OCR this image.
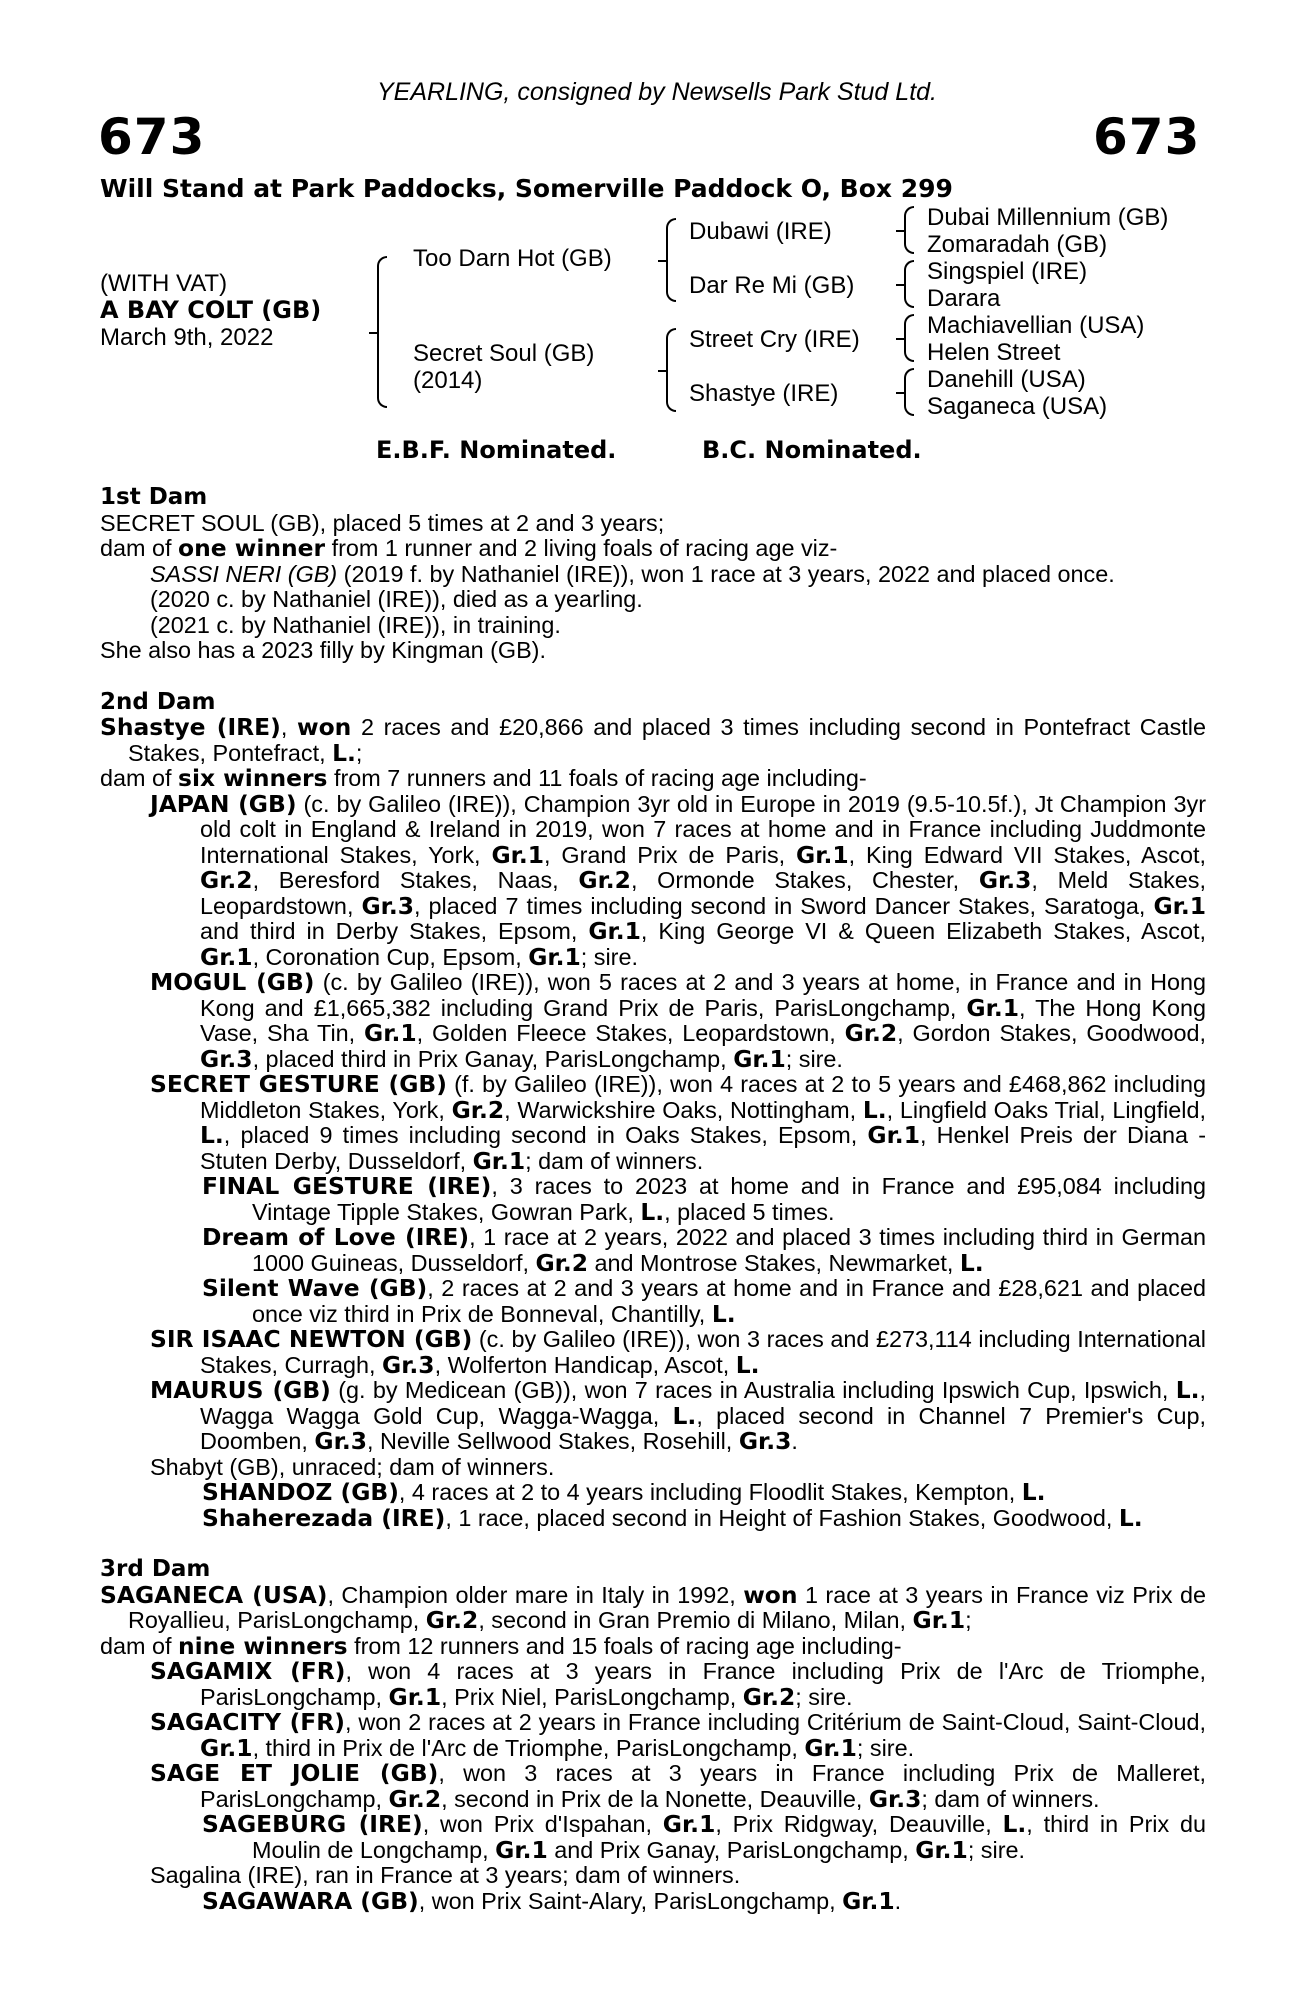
YEARLING, consigned by Newsells Park Stud Ltd.
673	673
Will Stand at Park Paddocks, Somerville Paddock O, Box 299
(WITH VAT)
A BAY COLT (GB)
March 9th, 2022
Too Darn Hot (GB)
Secret Soul (GB)
(2014)
Dubawi (IRE)
Dar Re Mi (GB)
Street Cry (IRE)
Shastye (IRE)
Dubai Millennium (GB)
Zomaradah (GB)
Singspiel (IRE)
Darara
Machiavellian (USA)
Helen Street
Danehill (USA)
Saganeca (USA)
E.B.F. Nominated.	B.C. Nominated.

1st Dam

SECRET SOUL (GB), placed 5 times at 2 and 3 years;

dam of one winner from 1 runner and 2 living foals of racing age viz-

SASSI NERI (GB) (2019 f. by Nathaniel (IRE)), won 1 race at 3 years, 2022 and placed once.

(2020 c. by Nathaniel (IRE)), died as a yearling.

(2021 c. by Nathaniel (IRE)), in training.

She also has a 2023 filly by Kingman (GB).

2nd Dam

Shastye (IRE), won 2 races and £20,866 and placed 3 times including second in Pontefract Castle Stakes, Pontefract, L.;

dam of six winners from 7 runners and 11 foals of racing age including-

JAPAN (GB) (c. by Galileo (IRE)), Champion 3yr old in Europe in 2019 (9.5-10.5f.), Jt Champion 3yr old colt in England & Ireland in 2019, won 7 races at home and in France including Juddmonte International Stakes, York, Gr.1, Grand Prix de Paris, Gr.1, King Edward VII Stakes, Ascot, Gr.2, Beresford Stakes, Naas, Gr.2, Ormonde Stakes, Chester, Gr.3, Meld Stakes, Leopardstown, Gr.3, placed 7 times including second in Sword Dancer Stakes, Saratoga, Gr.1 and third in Derby Stakes, Epsom, Gr.1, King George VI & Queen Elizabeth Stakes, Ascot, Gr.1, Coronation Cup, Epsom, Gr.1; sire.

MOGUL (GB) (c. by Galileo (IRE)), won 5 races at 2 and 3 years at home, in France and in Hong Kong and £1,665,382 including Grand Prix de Paris, ParisLongchamp, Gr.1, The Hong Kong Vase, Sha Tin, Gr.1, Golden Fleece Stakes, Leopardstown, Gr.2, Gordon Stakes, Goodwood, Gr.3, placed third in Prix Ganay, ParisLongchamp, Gr.1; sire.

SECRET GESTURE (GB) (f. by Galileo (IRE)), won 4 races at 2 to 5 years and £468,862 including Middleton Stakes, York, Gr.2, Warwickshire Oaks, Nottingham, L., Lingfield Oaks Trial, Lingfield, L., placed 9 times including second in Oaks Stakes, Epsom, Gr.1, Henkel Preis der Diana - Stuten Derby, Dusseldorf, Gr.1; dam of winners.

FINAL GESTURE (IRE), 3 races to 2023 at home and in France and £95,084 including Vintage Tipple Stakes, Gowran Park, L., placed 5 times.

Dream of Love (IRE), 1 race at 2 years, 2022 and placed 3 times including third in German 1000 Guineas, Dusseldorf, Gr.2 and Montrose Stakes, Newmarket, L.

Silent Wave (GB), 2 races at 2 and 3 years at home and in France and £28,621 and placed once viz third in Prix de Bonneval, Chantilly, L.

SIR ISAAC NEWTON (GB) (c. by Galileo (IRE)), won 3 races and £273,114 including International Stakes, Curragh, Gr.3, Wolferton Handicap, Ascot, L.

MAURUS (GB) (g. by Medicean (GB)), won 7 races in Australia including Ipswich Cup, Ipswich, L., Wagga Wagga Gold Cup, Wagga-Wagga, L., placed second in Channel 7 Premier's Cup, Doomben, Gr.3, Neville Sellwood Stakes, Rosehill, Gr.3.

Shabyt (GB), unraced; dam of winners.

SHANDOZ (GB), 4 races at 2 to 4 years including Floodlit Stakes, Kempton, L.

Shaherezada (IRE), 1 race, placed second in Height of Fashion Stakes, Goodwood, L.

3rd Dam

SAGANECA (USA), Champion older mare in Italy in 1992, won 1 race at 3 years in France viz Prix de Royallieu, ParisLongchamp, Gr.2, second in Gran Premio di Milano, Milan, Gr.1;

dam of nine winners from 12 runners and 15 foals of racing age including-

SAGAMIX (FR), won 4 races at 3 years in France including Prix de l'Arc de Triomphe, ParisLongchamp, Gr.1, Prix Niel, ParisLongchamp, Gr.2; sire.

SAGACITY (FR), won 2 races at 2 years in France including Critérium de Saint-Cloud, Saint-Cloud, Gr.1, third in Prix de l'Arc de Triomphe, ParisLongchamp, Gr.1; sire.

SAGE ET JOLIE (GB), won 3 races at 3 years in France including Prix de Malleret, ParisLongchamp, Gr.2, second in Prix de la Nonette, Deauville, Gr.3; dam of winners.

SAGEBURG (IRE), won Prix d'Ispahan, Gr.1, Prix Ridgway, Deauville, L., third in Prix du Moulin de Longchamp, Gr.1 and Prix Ganay, ParisLongchamp, Gr.1; sire.

Sagalina (IRE), ran in France at 3 years; dam of winners.

SAGAWARA (GB), won Prix Saint-Alary, ParisLongchamp, Gr.1.
